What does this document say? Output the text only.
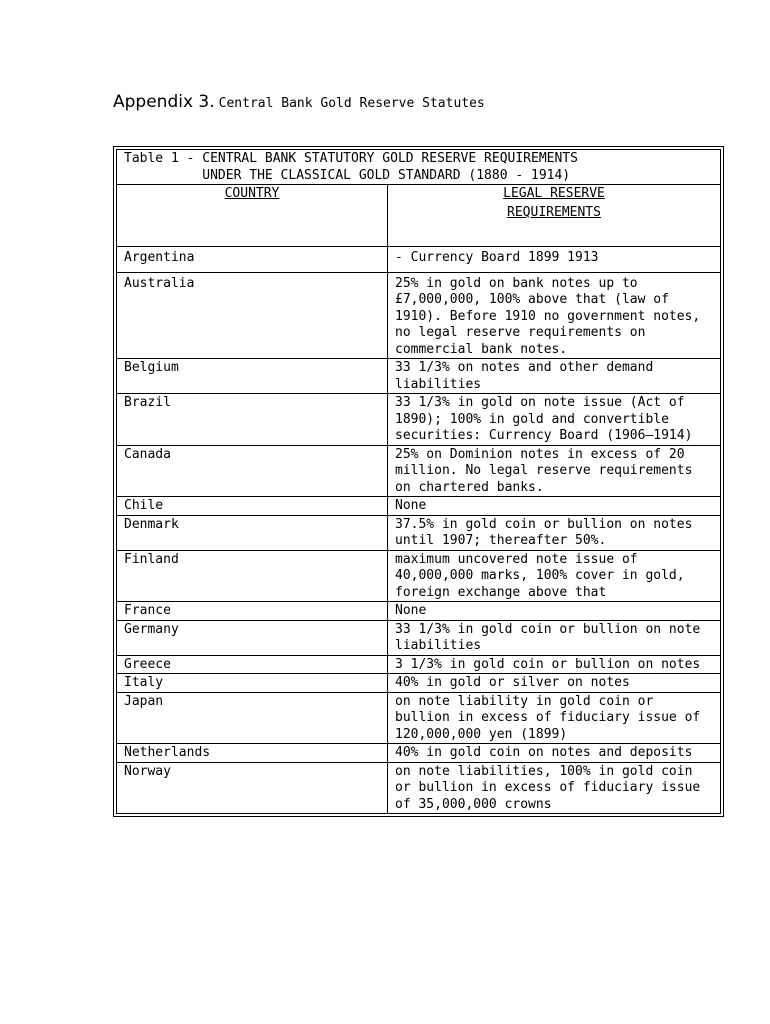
Appendix 3. Central Bank Gold Reserve Statutes
Table 1 - CENTRAL BANK STATUTORY GOLD RESERVE REQUIREMENTS
UNDER THE CLASSICAL GOLD STANDARD (1880 - 1914)	

COUNTRY	LEGAL RESERVE
REQUIREMENTS

Argentina	- Currency Board 1899 1913
Australia	25% in gold on bank notes up to £7,000,000, 100% above that (law of 1910). Before 1910 no government notes, no legal reserve requirements on commercial bank notes.
Belgium	33 1/3% on notes and other demand liabilities
Brazil	33 1/3% in gold on note issue (Act of 1890); 100% in gold and convertible securities: Currency Board (1906–1914)
Canada	25% on Dominion notes in excess of 20 million. No legal reserve requirements on chartered banks.
Chile	None
Denmark	37.5% in gold coin or bullion on notes until 1907; thereafter 50%.
Finland	maximum uncovered note issue of 40,000,000 marks, 100% cover in gold, foreign exchange above that
France	None
Germany	33 1/3% in gold coin or bullion on note liabilities
Greece	3 1/3% in gold coin or bullion on notes
Italy	40% in gold or silver on notes
Japan	on note liability in gold coin or bullion in excess of fiduciary issue of 120,000,000 yen (1899)
Netherlands	40% in gold coin on notes and deposits
Norway	on note liabilities, 100% in gold coin or bullion in excess of fiduciary issue of 35,000,000 crowns
